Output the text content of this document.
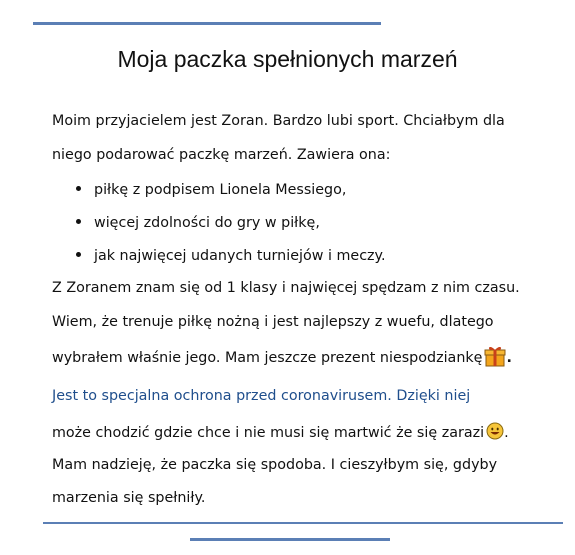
Moja paczka spełnionych marzeń
Moim przyjacielem jest Zoran. Bardzo lubi sport. Chciałbym dla
niego podarować paczkę marzeń. Zawiera ona:
piłkę z podpisem Lionela Messiego,
więcej zdolności do gry w piłkę,
jak najwięcej udanych turniejów i meczy.
Z Zoranem znam się od 1 klasy i najwięcej spędzam z nim czasu.
Wiem, że trenuje piłkę nożną i jest najlepszy z wuefu, dlatego
wybrałem właśnie jego. Mam jeszcze prezent niespodziankę .
Jest to specjalna ochrona przed coronavirusem. Dzięki niej
może chodzić gdzie chce i nie musi się martwić że się zarazi .
Mam nadzieję, że paczka się spodoba. I cieszyłbym się, gdyby
marzenia się spełniły.
